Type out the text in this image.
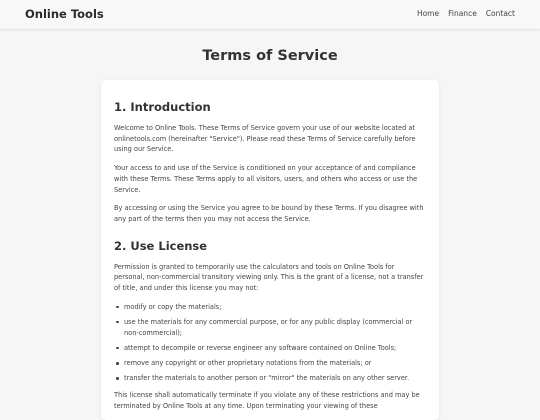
Online Tools	Home Finance Contact
Terms of Service
1. Introduction

Welcome to Online Tools. These Terms of Service govern your use of our website located at onlinetools.com (hereinafter "Service"). Please read these Terms of Service carefully before using our Service.

Your access to and use of the Service is conditioned on your acceptance of and compliance with these Terms. These Terms apply to all visitors, users, and others who access or use the Service.

By accessing or using the Service you agree to be bound by these Terms. If you disagree with any part of the terms then you may not access the Service.

2. Use License

Permission is granted to temporarily use the calculators and tools on Online Tools for personal, non-commercial transitory viewing only. This is the grant of a license, not a transfer of title, and under this license you may not:

modify or copy the materials;
use the materials for any commercial purpose, or for any public display (commercial or non-commercial);
attempt to decompile or reverse engineer any software contained on Online Tools;
remove any copyright or other proprietary notations from the materials; or
transfer the materials to another person or "mirror" the materials on any other server.

This license shall automatically terminate if you violate any of these restrictions and may be terminated by Online Tools at any time. Upon terminating your viewing of these
